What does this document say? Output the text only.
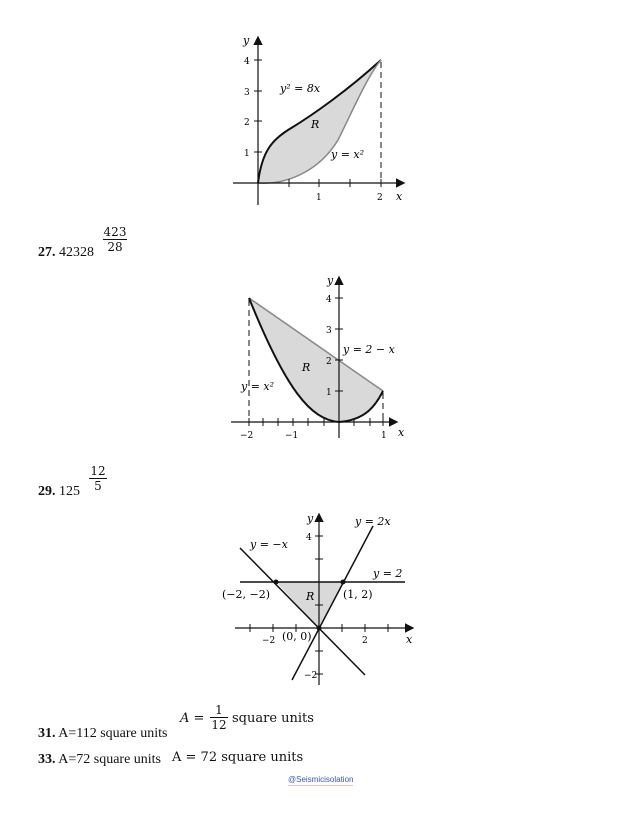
y
x
1
2
3
4
1	2
y² = 8x
y = x²
R
27. 42328
423
28
y
x
1
2
3
4
−2	−1	1
y = 2 − x
y = x²
R
29. 125
12
5
y
x
4
−2
2
−2
y = 2x
y = −x
y = 2
(−2, −2)	(1, 2)
(0, 0)
R
31. A=112 square units
A =
1
12 square units
33. A=72 square units A = 72 square units
@Seismicisolation
